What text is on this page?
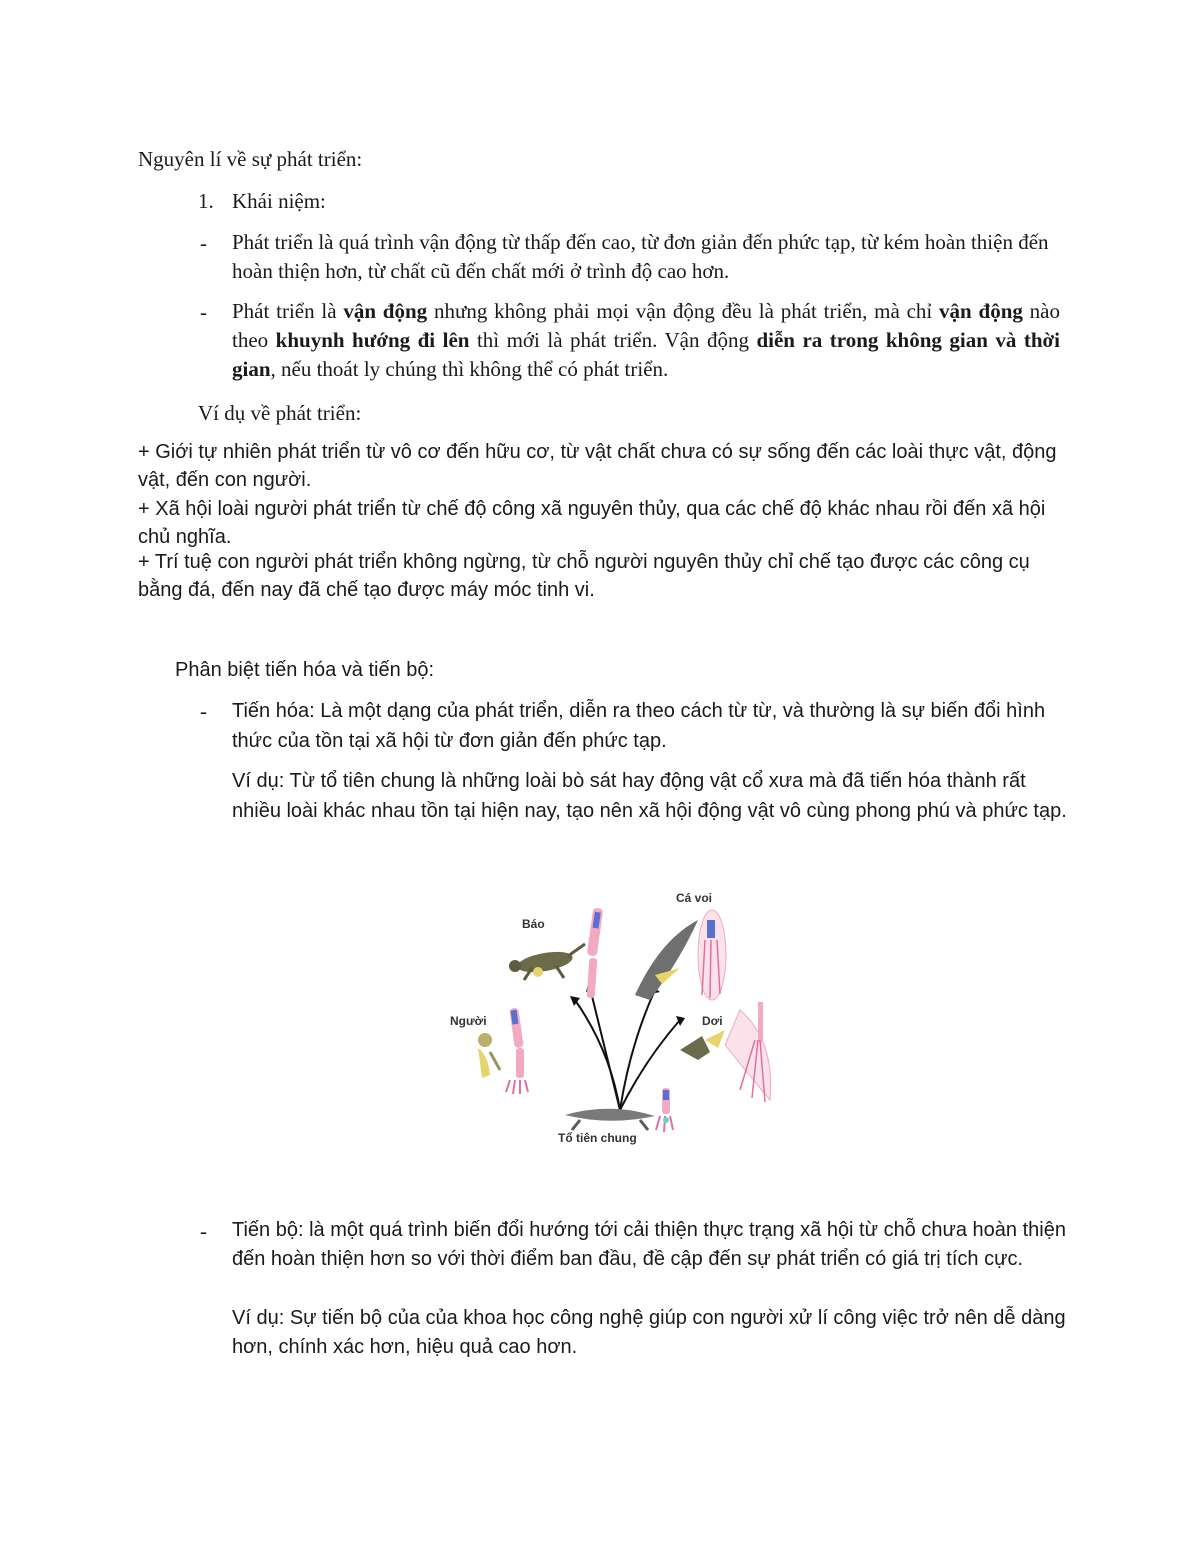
Nguyên lí về sự phát triển:
1. Khái niệm:
- Phát triển là quá trình vận động từ thấp đến cao, từ đơn giản đến phức tạp, từ kém hoàn thiện đến hoàn thiện hơn, từ chất cũ đến chất mới ở trình độ cao hơn.
- Phát triển là vận động nhưng không phải mọi vận động đều là phát triển, mà chỉ vận động nào theo khuynh hướng đi lên thì mới là phát triển. Vận động diễn ra trong không gian và thời gian, nếu thoát ly chúng thì không thể có phát triển.
Ví dụ về phát triển:
+ Giới tự nhiên phát triển từ vô cơ đến hữu cơ, từ vật chất chưa có sự sống đến các loài thực vật, động vật, đến con người.
+ Xã hội loài người phát triển từ chế độ công xã nguyên thủy, qua các chế độ khác nhau rồi đến xã hội chủ nghĩa.
+ Trí tuệ con người phát triển không ngừng, từ chỗ người nguyên thủy chỉ chế tạo được các công cụ bằng đá, đến nay đã chế tạo được máy móc tinh vi.
Phân biệt tiến hóa và tiến bộ:
- Tiến hóa: Là một dạng của phát triển, diễn ra theo cách từ từ, và thường là sự biến đổi hình thức của tồn tại xã hội từ đơn giản đến phức tạp.
Ví dụ: Từ tổ tiên chung là những loài bò sát hay động vật cổ xưa mà đã tiến hóa thành rất nhiều loài khác nhau tồn tại hiện nay, tạo nên xã hội động vật vô cùng phong phú và phức tạp.
Báo
Cá voi
Người	Dơi
Tổ tiên chung
- Tiến bộ: là một quá trình biến đổi hướng tới cải thiện thực trạng xã hội từ chỗ chưa hoàn thiện đến hoàn thiện hơn so với thời điểm ban đầu, đề cập đến sự phát triển có giá trị tích cực.
Ví dụ: Sự tiến bộ của của khoa học công nghệ giúp con người xử lí công việc trở nên dễ dàng hơn, chính xác hơn, hiệu quả cao hơn.
